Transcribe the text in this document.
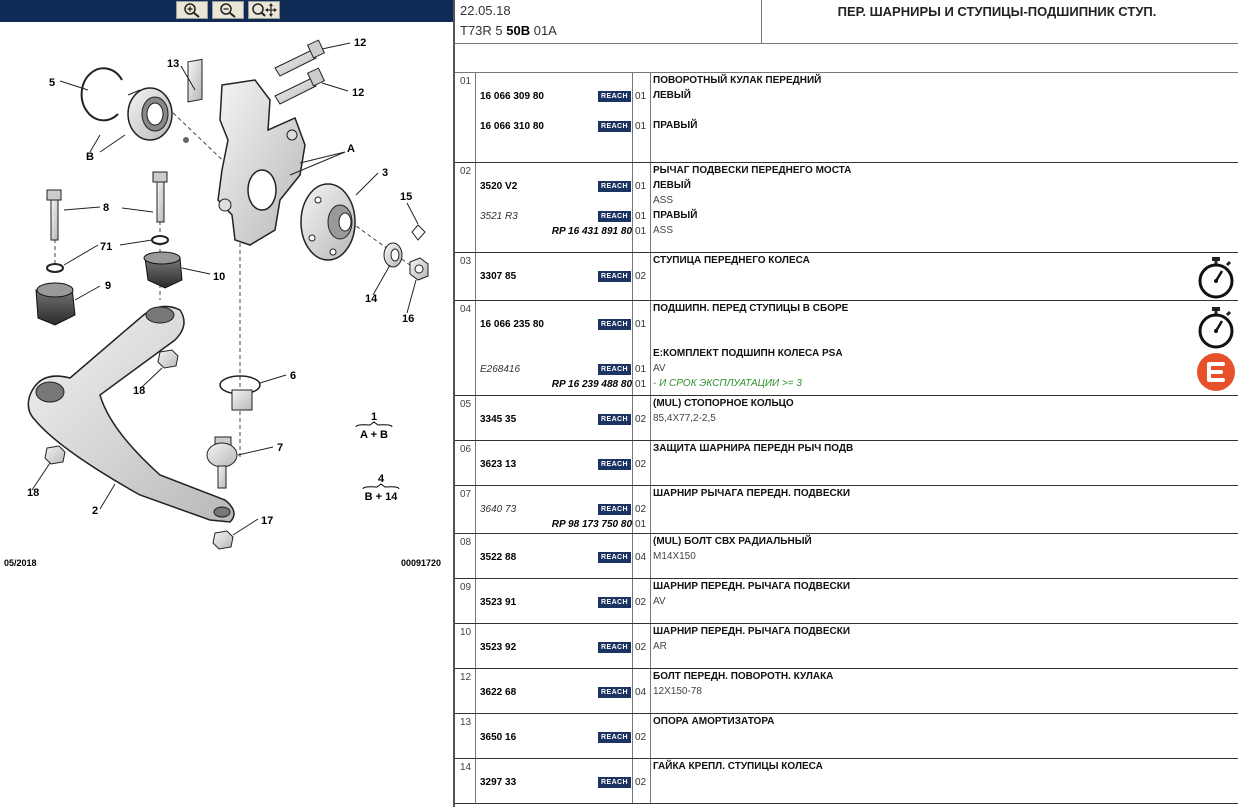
5
13
12
12
B
A
3
8
71
10
9
15
14
16
18
6
18
2
7
17
1
A + B
4
B + 14
05/2018	00091720
22.05.18
T73R 5 50B 01A
ПЕР. ШАРНИРЫ И СТУПИЦЫ-ПОДШИПНИК СТУП.
01	ПОВОРОТНЫЙ КУЛАК ПЕРЕДНИЙ
16 066 309 80	REACH 01 ЛЕВЫЙ
16 066 310 80	REACH 01 ПРАВЫЙ
02	РЫЧАГ ПОДВЕСКИ ПЕРЕДНЕГО МОСТА
3520 V2	REACH 01 ЛЕВЫЙ
ASS
3521 R3	REACH 01 ПРАВЫЙ
RP 16 431 891 80 01 ASS
03	СТУПИЦА ПЕРЕДНЕГО КОЛЕСА
3307 85	REACH 02
04	ПОДШИПН. ПЕРЕД СТУПИЦЫ В СБОРЕ
16 066 235 80	REACH 01
E:КОМПЛЕКТ ПОДШИПН КОЛЕСА PSA
E268416	REACH 01 AV
RP 16 239 488 80 01 - И СРОК ЭКСПЛУАТАЦИИ >= 3
05	(MUL) СТОПОРНОЕ КОЛЬЦО
3345 35	REACH 02 85,4X77,2-2,5
06	ЗАЩИТА ШАРНИРА ПЕРЕДН РЫЧ ПОДВ
3623 13	REACH 02
07	ШАРНИР РЫЧАГА ПЕРЕДН. ПОДВЕСКИ
3640 73	REACH 02
RP 98 173 750 80 01
08	(MUL) БОЛТ СВХ РАДИАЛЬНЫЙ
3522 88	REACH 04 M14X150
09	ШАРНИР ПЕРЕДН. РЫЧАГА ПОДВЕСКИ
3523 91	REACH 02 AV
10	ШАРНИР ПЕРЕДН. РЫЧАГА ПОДВЕСКИ
3523 92	REACH 02 AR
12	БОЛТ ПЕРЕДН. ПОВОРОТН. КУЛАКА
3622 68	REACH 04 12X150-78
13	ОПОРА АМОРТИЗАТОРА
3650 16	REACH 02
14	ГАЙКА КРЕПЛ. СТУПИЦЫ КОЛЕСА
3297 33	REACH 02
